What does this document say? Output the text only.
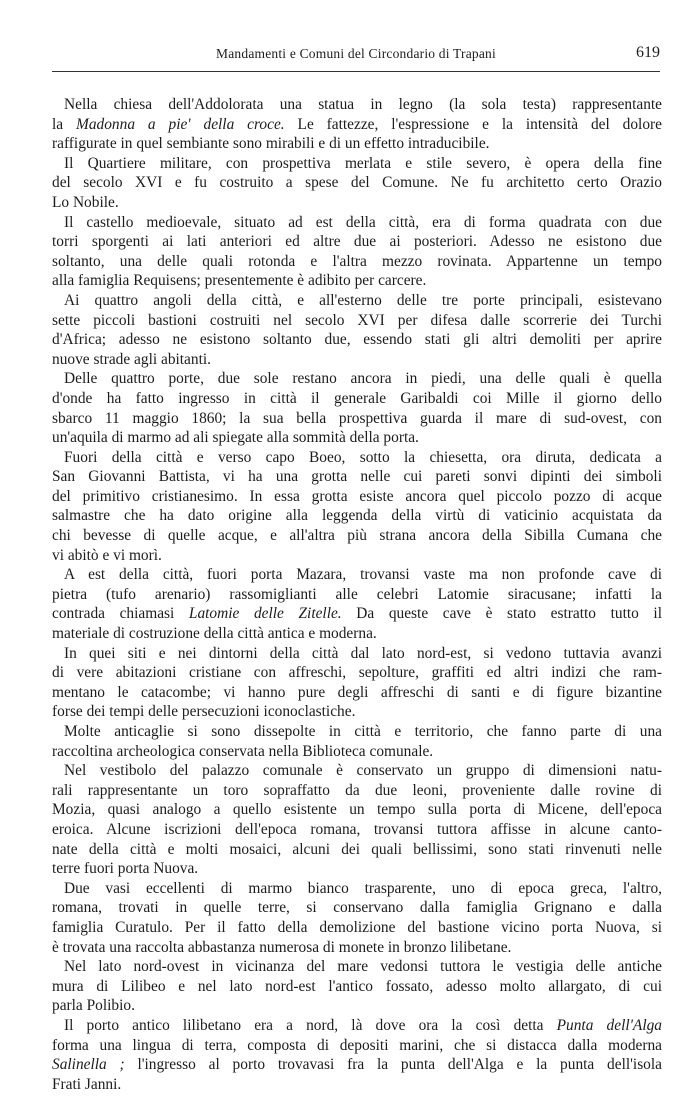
Mandamenti e Comuni del Circondario di Trapani	619

Nella chiesa dell'Addolorata una statua in legno (la sola testa) rappresentante
la Madonna a pie' della croce. Le fattezze, l'espressione e la intensità del dolore
raffigurate in quel sembiante sono mirabili e di un effetto intraducibile.

Il Quartiere militare, con prospettiva merlata e stile severo, è opera della fine
del secolo XVI e fu costruito a spese del Comune. Ne fu architetto certo Orazio
Lo Nobile.

Il castello medioevale, situato ad est della città, era di forma quadrata con due
torri sporgenti ai lati anteriori ed altre due ai posteriori. Adesso ne esistono due
soltanto, una delle quali rotonda e l'altra mezzo rovinata. Appartenne un tempo
alla famiglia Requisens; presentemente è adibito per carcere.

Ai quattro angoli della città, e all'esterno delle tre porte principali, esistevano
sette piccoli bastioni costruiti nel secolo XVI per difesa dalle scorrerie dei Turchi
d'Africa; adesso ne esistono soltanto due, essendo stati gli altri demoliti per aprire
nuove strade agli abitanti.

Delle quattro porte, due sole restano ancora in piedi, una delle quali è quella
d'onde ha fatto ingresso in città il generale Garibaldi coi Mille il giorno dello
sbarco 11 maggio 1860; la sua bella prospettiva guarda il mare di sud-ovest, con
un'aquila di marmo ad ali spiegate alla sommità della porta.

Fuori della città e verso capo Boeo, sotto la chiesetta, ora diruta, dedicata a
San Giovanni Battista, vi ha una grotta nelle cui pareti sonvi dipinti dei simboli
del primitivo cristianesimo. In essa grotta esiste ancora quel piccolo pozzo di acque
salmastre che ha dato origine alla leggenda della virtù di vaticinio acquistata da
chi bevesse di quelle acque, e all'altra più strana ancora della Sibilla Cumana che
vi abitò e vi morì.

A est della città, fuori porta Mazara, trovansi vaste ma non profonde cave di
pietra (tufo arenario) rassomiglianti alle celebri Latomie siracusane; infatti la
contrada chiamasi Latomie delle Zitelle. Da queste cave è stato estratto tutto il
materiale di costruzione della città antica e moderna.

In quei siti e nei dintorni della città dal lato nord-est, si vedono tuttavia avanzi
di vere abitazioni cristiane con affreschi, sepolture, graffiti ed altri indizi che ram-
mentano le catacombe; vi hanno pure degli affreschi di santi e di figure bizantine
forse dei tempi delle persecuzioni iconoclastiche.

Molte anticaglie si sono dissepolte in città e territorio, che fanno parte di una
raccoltina archeologica conservata nella Biblioteca comunale.

Nel vestibolo del palazzo comunale è conservato un gruppo di dimensioni natu-
rali rappresentante un toro sopraffatto da due leoni, proveniente dalle rovine di
Mozia, quasi analogo a quello esistente un tempo sulla porta di Micene, dell'epoca
eroica. Alcune iscrizioni dell'epoca romana, trovansi tuttora affisse in alcune canto-
nate della città e molti mosaici, alcuni dei quali bellissimi, sono stati rinvenuti nelle
terre fuori porta Nuova.

Due vasi eccellenti di marmo bianco trasparente, uno di epoca greca, l'altro,
romana, trovati in quelle terre, si conservano dalla famiglia Grignano e dalla
famiglia Curatulo. Per il fatto della demolizione del bastione vicino porta Nuova, si
è trovata una raccolta abbastanza numerosa di monete in bronzo lilibetane.

Nel lato nord-ovest in vicinanza del mare vedonsi tuttora le vestigia delle antiche
mura di Lilibeo e nel lato nord-est l'antico fossato, adesso molto allargato, di cui
parla Polibio.

Il porto antico lilibetano era a nord, là dove ora la così detta Punta dell'Alga
forma una lingua di terra, composta di depositi marini, che si distacca dalla moderna
Salinella ; l'ingresso al porto trovavasi fra la punta dell'Alga e la punta dell'isola
Frati Janni.
